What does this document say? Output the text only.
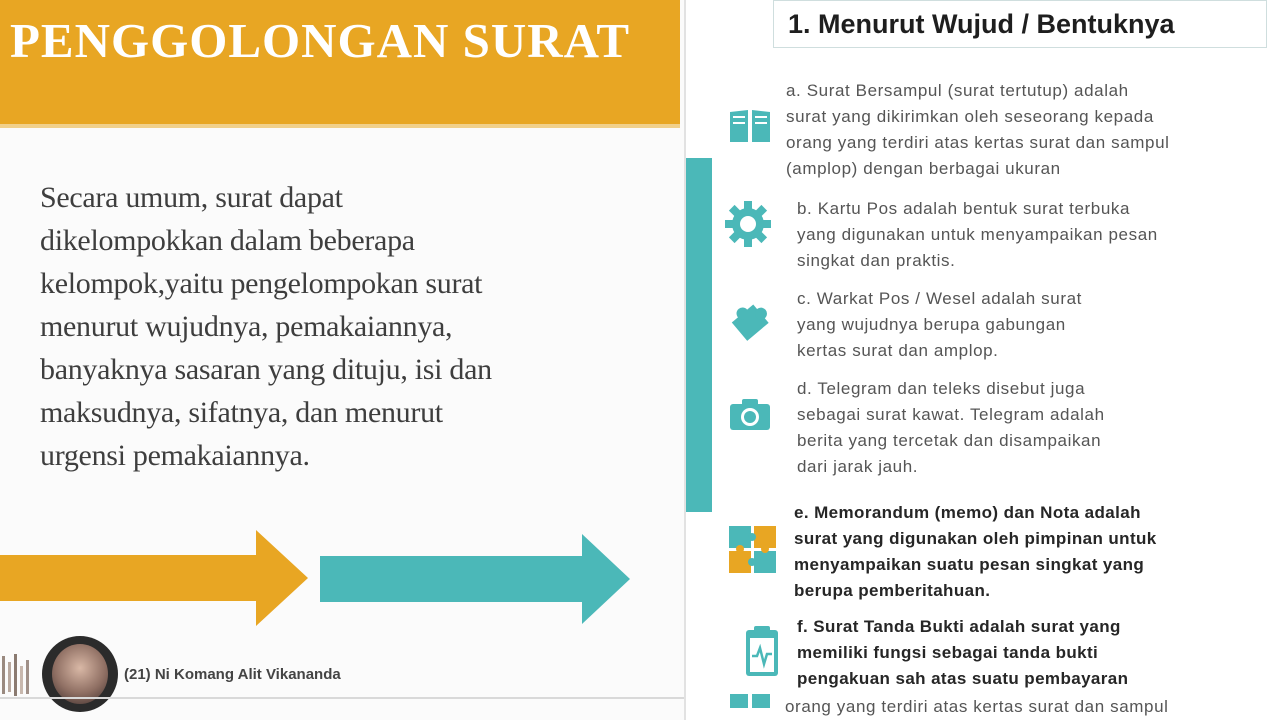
PENGGOLONGAN SURAT
Secara umum, surat dapat
dikelompokkan dalam beberapa
kelompok,yaitu pengelompokan surat
menurut wujudnya, pemakaiannya,
banyaknya sasaran yang dituju, isi dan
maksudnya, sifatnya, dan menurut
urgensi pemakaiannya.
(21) Ni Komang Alit Vikananda
1. Menurut Wujud / Bentuknya
a. Surat Bersampul (surat tertutup) adalah
surat yang dikirimkan oleh seseorang kepada
orang yang terdiri atas kertas surat dan sampul
(amplop) dengan berbagai ukuran
b. Kartu Pos adalah bentuk surat terbuka
yang digunakan untuk menyampaikan pesan
singkat dan praktis.
c. Warkat Pos / Wesel adalah surat
yang wujudnya berupa gabungan
kertas surat dan amplop.
d. Telegram dan teleks disebut juga
sebagai surat kawat. Telegram adalah
berita yang tercetak dan disampaikan
dari jarak jauh.
e. Memorandum (memo) dan Nota adalah
surat yang digunakan oleh pimpinan untuk
menyampaikan suatu pesan singkat yang
berupa pemberitahuan.
f. Surat Tanda Bukti adalah surat yang
memiliki fungsi sebagai tanda bukti
pengakuan sah atas suatu pembayaran
orang yang terdiri atas kertas surat dan sampul
